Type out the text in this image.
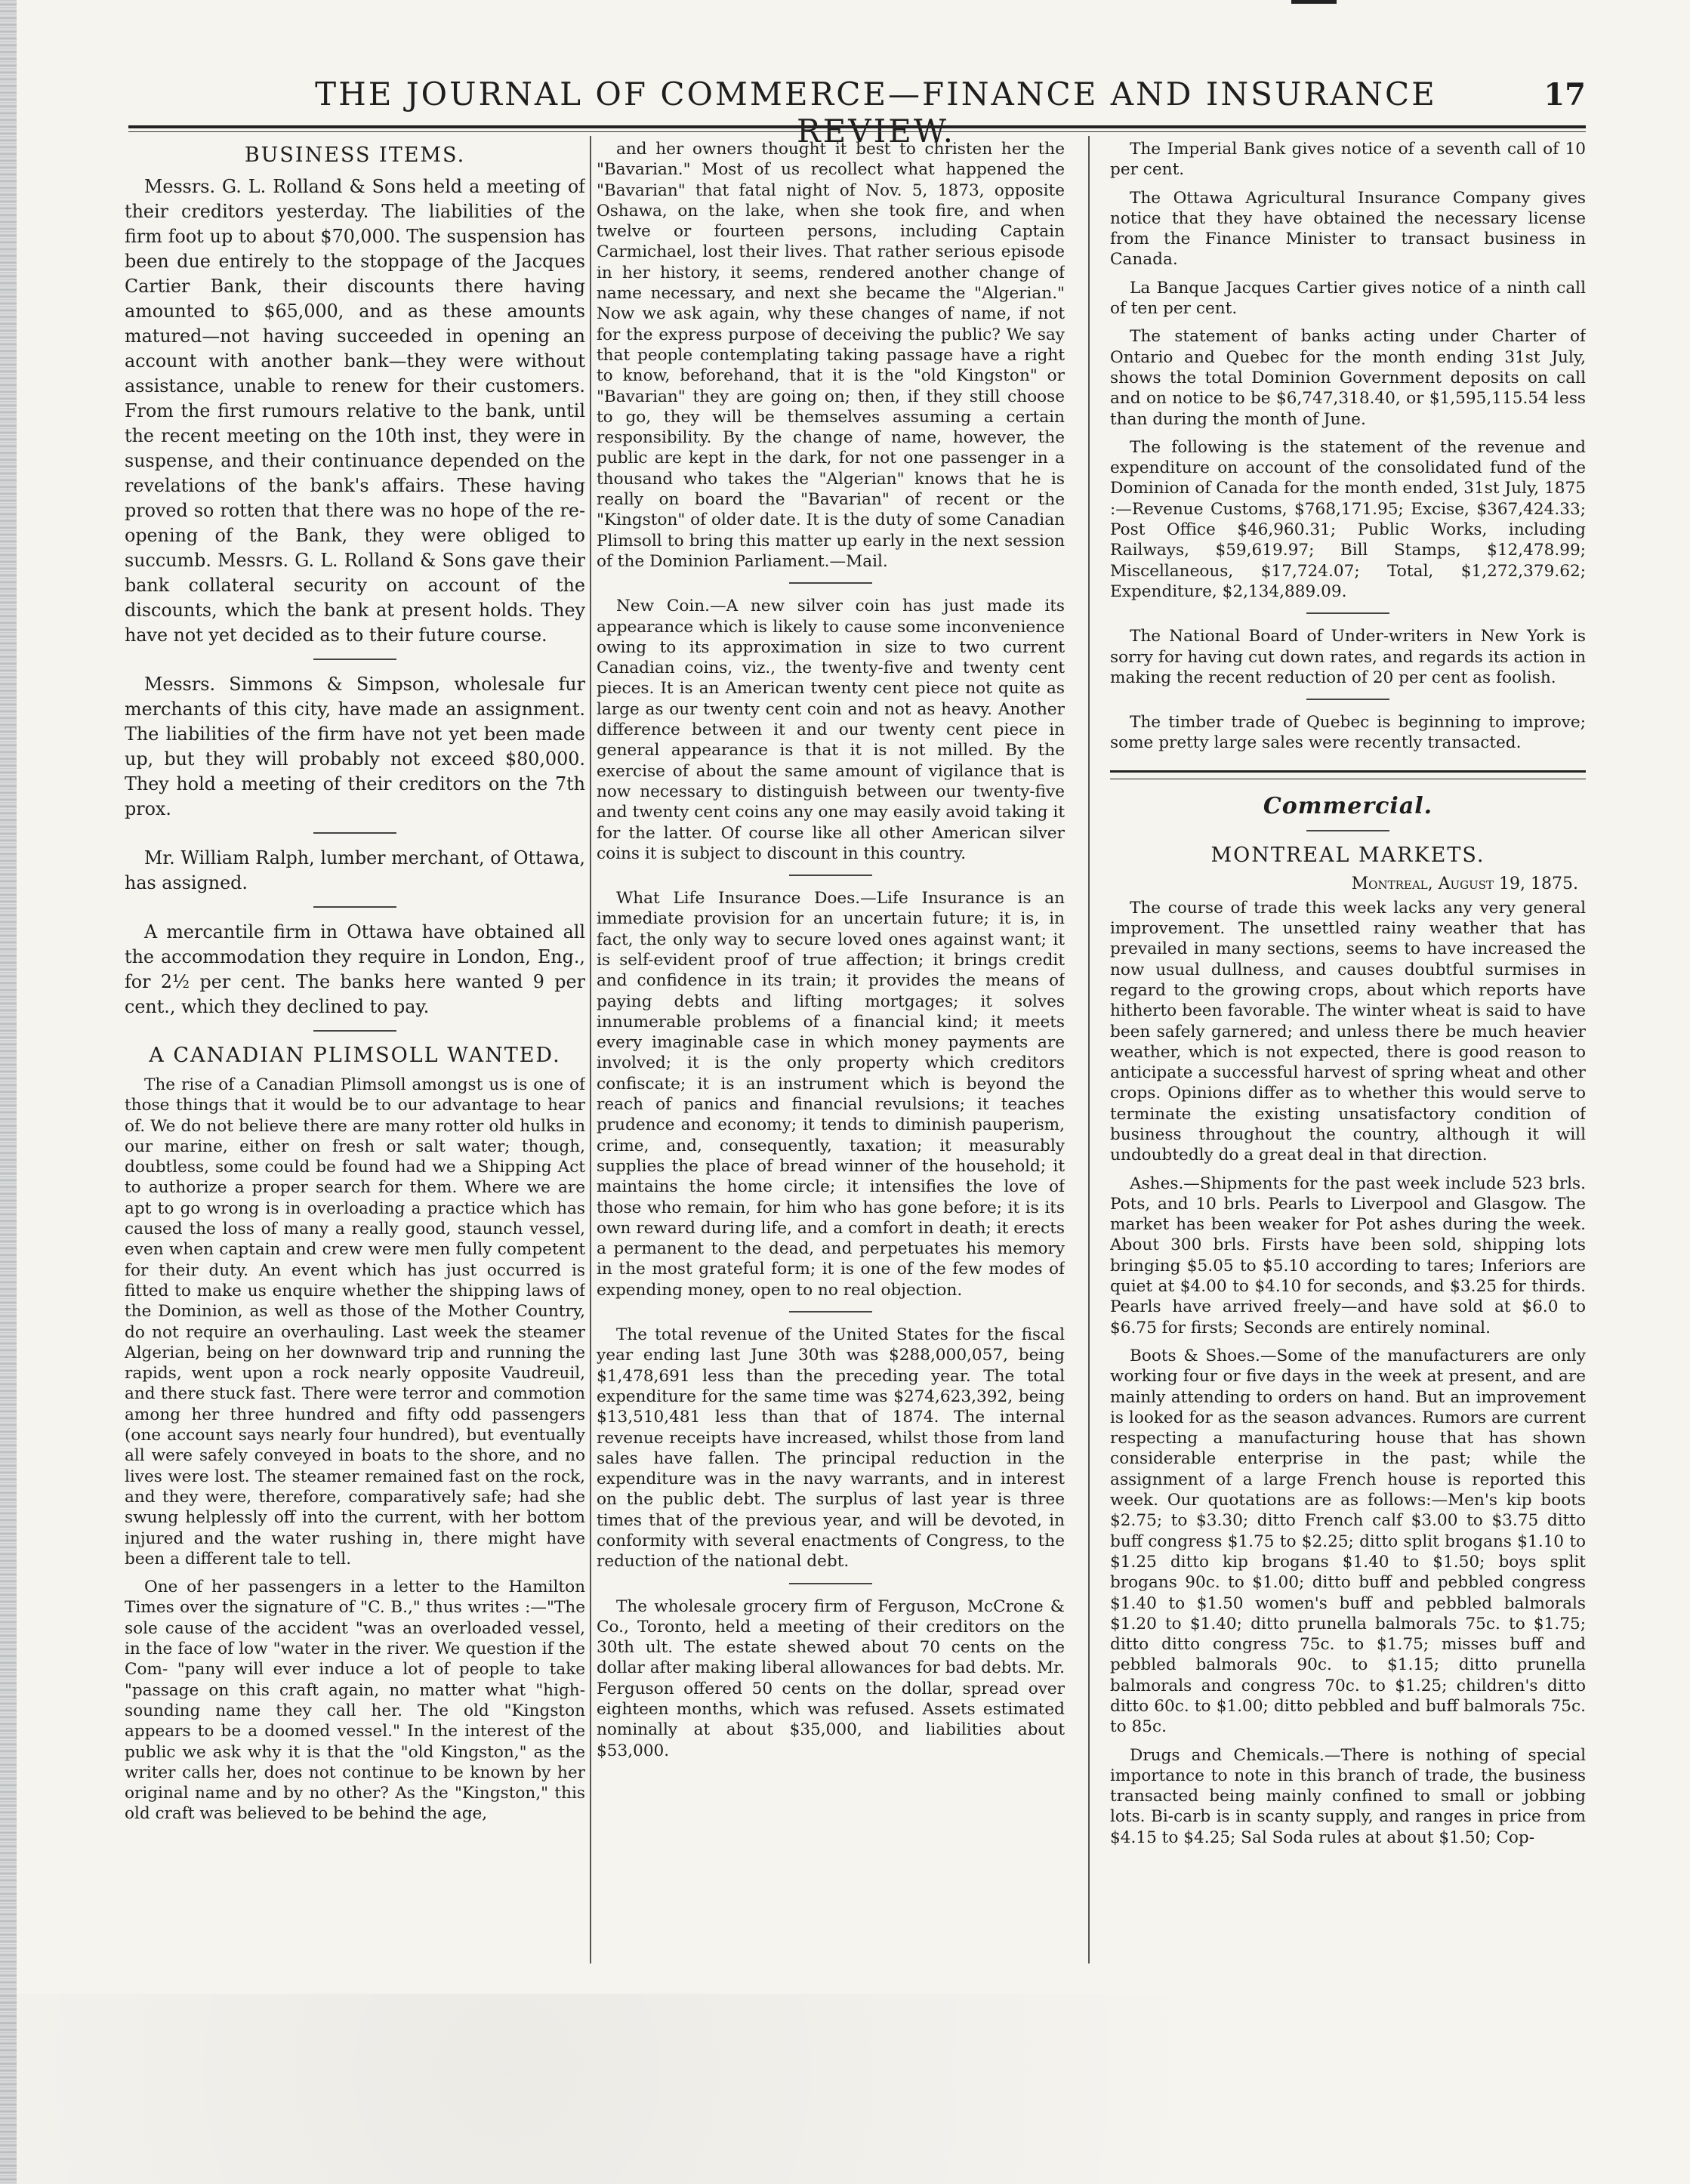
THE JOURNAL OF COMMERCE—FINANCE AND INSURANCE	17
BUSINESS ITEMS.

Messrs. G. L. Rolland & Sons held a meeting of their creditors yesterday. The liabilities of the firm foot up to about $70,000. The suspension has been due entirely to the stoppage of the Jacques Cartier Bank, their discounts there having amounted to $65,000, and as these amounts matured—not having succeeded in opening an account with another bank—they were without assistance, unable to renew for their customers. From the first rumours relative to the bank, until the recent meeting on the 10th inst, they were in suspense, and their continuance depended on the revelations of the bank's affairs. These having proved so rotten that there was no hope of the re-opening of the Bank, they were obliged to succumb. Messrs. G. L. Rolland & Sons gave their bank collateral security on account of the discounts, which the bank at present holds. They have not yet decided as to their future course.

Messrs. Simmons & Simpson, wholesale fur merchants of this city, have made an assignment. The liabilities of the firm have not yet been made up, but they will probably not exceed $80,000. They hold a meeting of their creditors on the 7th prox.

Mr. William Ralph, lumber merchant, of Ottawa, has assigned.

A mercantile firm in Ottawa have obtained all the accommodation they require in London, Eng., for 2½ per cent. The banks here wanted 9 per cent., which they declined to pay.

A CANADIAN PLIMSOLL WANTED.

The rise of a Canadian Plimsoll amongst us is one of those things that it would be to our advantage to hear of. We do not believe there are many rotter old hulks in our marine, either on fresh or salt water; though, doubtless, some could be found had we a Shipping Act to authorize a proper search for them. Where we are apt to go wrong is in overloading a practice which has caused the loss of many a really good, staunch vessel, even when captain and crew were men fully competent for their duty. An event which has just occurred is fitted to make us enquire whether the shipping laws of the Dominion, as well as those of the Mother Country, do not require an overhauling. Last week the steamer Algerian, being on her downward trip and running the rapids, went upon a rock nearly opposite Vaudreuil, and there stuck fast. There were terror and commotion among her three hundred and fifty odd passengers (one account says nearly four hundred), but eventually all were safely conveyed in boats to the shore, and no lives were lost. The steamer remained fast on the rock, and they were, therefore, comparatively safe; had she swung helplessly off into the current, with her bottom injured and the water rushing in, there might have been a different tale to tell.

One of her passengers in a letter to the Hamilton Times over the signature of "C. B.," thus writes :—"The sole cause of the accident "was an overloaded vessel, in the face of low "water in the river. We question if the Com- "pany will ever induce a lot of people to take "passage on this craft again, no matter what "high-sounding name they call her. The old "Kingston appears to be a doomed vessel." In the interest of the public we ask why it is that the "old Kingston," as the writer calls her, does not continue to be known by her original name and by no other? As the "Kingston," this old craft was believed to be behind the age,

and her owners thought it best to christen her the "Bavarian." Most of us recollect what happened the "Bavarian" that fatal night of Nov. 5, 1873, opposite Oshawa, on the lake, when she took fire, and when twelve or fourteen persons, including Captain Carmichael, lost their lives. That rather serious episode in her history, it seems, rendered another change of name necessary, and next she became the "Algerian." Now we ask again, why these changes of name, if not for the express purpose of deceiving the public? We say that people contemplating taking passage have a right to know, beforehand, that it is the "old Kingston" or "Bavarian" they are going on; then, if they still choose to go, they will be themselves assuming a certain responsibility. By the change of name, however, the public are kept in the dark, for not one passenger in a thousand who takes the "Algerian" knows that he is really on board the "Bavarian" of recent or the "Kingston" of older date. It is the duty of some Canadian Plimsoll to bring this matter up early in the next session of the Dominion Parliament.—Mail.

New Coin.—A new silver coin has just made its appearance which is likely to cause some inconvenience owing to its approximation in size to two current Canadian coins, viz., the twenty-five and twenty cent pieces. It is an American twenty cent piece not quite as large as our twenty cent coin and not as heavy. Another difference between it and our twenty cent piece in general appearance is that it is not milled. By the exercise of about the same amount of vigilance that is now necessary to distinguish between our twenty-five and twenty cent coins any one may easily avoid taking it for the latter. Of course like all other American silver coins it is subject to discount in this country.

What Life Insurance Does.—Life Insurance is an immediate provision for an uncertain future; it is, in fact, the only way to secure loved ones against want; it is self-evident proof of true affection; it brings credit and confidence in its train; it provides the means of paying debts and lifting mortgages; it solves innumerable problems of a financial kind; it meets every imaginable case in which money payments are involved; it is the only property which creditors confiscate; it is an instrument which is beyond the reach of panics and financial revulsions; it teaches prudence and economy; it tends to diminish pauperism, crime, and, consequently, taxation; it measurably supplies the place of bread winner of the household; it maintains the home circle; it intensifies the love of those who remain, for him who has gone before; it is its own reward during life, and a comfort in death; it erects a permanent to the dead, and perpetuates his memory in the most grateful form; it is one of the few modes of expending money, open to no real objection.

The total revenue of the United States for the fiscal year ending last June 30th was $288,000,057, being $1,478,691 less than the preceding year. The total expenditure for the same time was $274,623,392, being $13,510,481 less than that of 1874. The internal revenue receipts have increased, whilst those from land sales have fallen. The principal reduction in the expenditure was in the navy warrants, and in interest on the public debt. The surplus of last year is three times that of the previous year, and will be devoted, in conformity with several enactments of Congress, to the reduction of the national debt.

The wholesale grocery firm of Ferguson, McCrone & Co., Toronto, held a meeting of their creditors on the 30th ult. The estate shewed about 70 cents on the dollar after making liberal allowances for bad debts. Mr. Ferguson offered 50 cents on the dollar, spread over eighteen months, which was refused. Assets estimated nominally at about $35,000, and liabilities about $53,000.

The Imperial Bank gives notice of a seventh call of 10 per cent.

The Ottawa Agricultural Insurance Company gives notice that they have obtained the necessary license from the Finance Minister to transact business in Canada.

La Banque Jacques Cartier gives notice of a ninth call of ten per cent.

The statement of banks acting under Charter of Ontario and Quebec for the month ending 31st July, shows the total Dominion Government deposits on call and on notice to be $6,747,318.40, or $1,595,115.54 less than during the month of June.

The following is the statement of the revenue and expenditure on account of the consolidated fund of the Dominion of Canada for the month ended, 31st July, 1875 :—Revenue Customs, $768,171.95; Excise, $367,424.33; Post Office $46,960.31; Public Works, including Railways, $59,619.97; Bill Stamps, $12,478.99; Miscellaneous, $17,724.07; Total, $1,272,379.62; Expenditure, $2,134,889.09.

The National Board of Under-writers in New York is sorry for having cut down rates, and regards its action in making the recent reduction of 20 per cent as foolish.

The timber trade of Quebec is beginning to improve; some pretty large sales were recently transacted.

Commercial.
MONTREAL MARKETS.
Montreal, August 19, 1875.

The course of trade this week lacks any very general improvement. The unsettled rainy weather that has prevailed in many sections, seems to have increased the now usual dullness, and causes doubtful surmises in regard to the growing crops, about which reports have hitherto been favorable. The winter wheat is said to have been safely garnered; and unless there be much heavier weather, which is not expected, there is good reason to anticipate a successful harvest of spring wheat and other crops. Opinions differ as to whether this would serve to terminate the existing unsatisfactory condition of business throughout the country, although it will undoubtedly do a great deal in that direction.

Ashes.—Shipments for the past week include 523 brls. Pots, and 10 brls. Pearls to Liverpool and Glasgow. The market has been weaker for Pot ashes during the week. About 300 brls. Firsts have been sold, shipping lots bringing $5.05 to $5.10 according to tares; Inferiors are quiet at $4.00 to $4.10 for seconds, and $3.25 for thirds. Pearls have arrived freely—and have sold at $6.0 to $6.75 for firsts; Seconds are entirely nominal.

Boots & Shoes.—Some of the manufacturers are only working four or five days in the week at present, and are mainly attending to orders on hand. But an improvement is looked for as the season advances. Rumors are current respecting a manufacturing house that has shown considerable enterprise in the past; while the assignment of a large French house is reported this week. Our quotations are as follows:—Men's kip boots $2.75; to $3.30; ditto French calf $3.00 to $3.75 ditto buff congress $1.75 to $2.25; ditto split brogans $1.10 to $1.25 ditto kip brogans $1.40 to $1.50; boys split brogans 90c. to $1.00; ditto buff and pebbled congress $1.40 to $1.50 women's buff and pebbled balmorals $1.20 to $1.40; ditto prunella balmorals 75c. to $1.75; ditto ditto congress 75c. to $1.75; misses buff and pebbled balmorals 90c. to $1.15; ditto prunella balmorals and congress 70c. to $1.25; children's ditto ditto 60c. to $1.00; ditto pebbled and buff balmorals 75c. to 85c.

Drugs and Chemicals.—There is nothing of special importance to note in this branch of trade, the business transacted being mainly confined to small or jobbing lots. Bi-carb is in scanty supply, and ranges in price from $4.15 to $4.25; Sal Soda rules at about $1.50; Cop-
